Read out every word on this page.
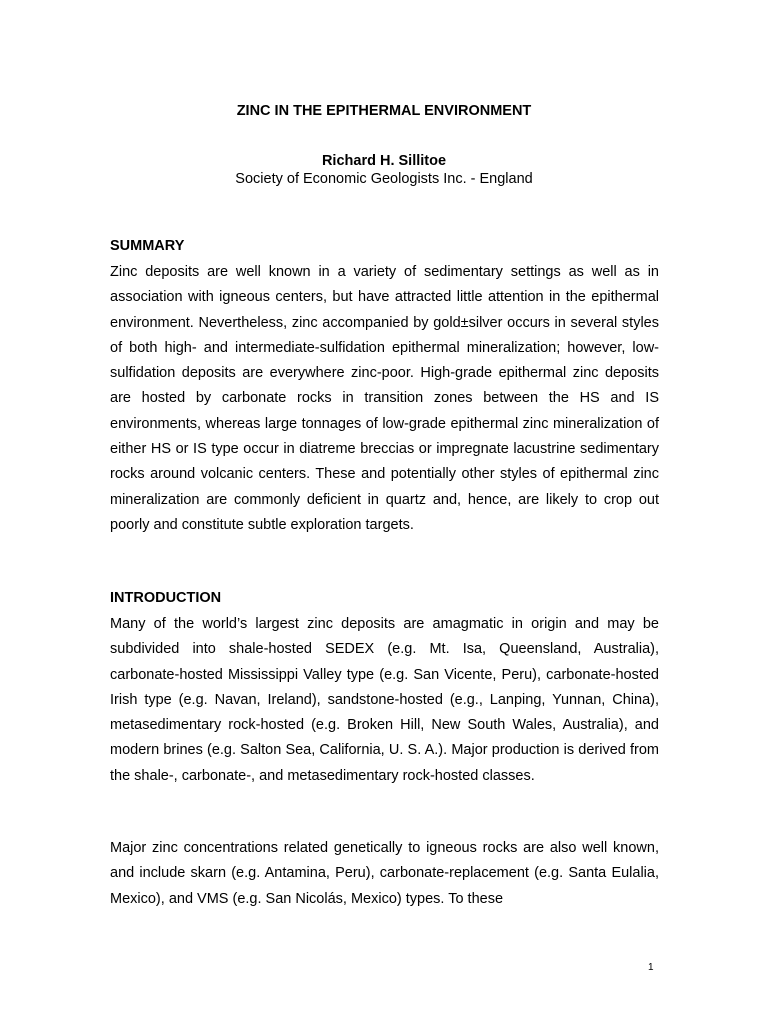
ZINC IN THE EPITHERMAL ENVIRONMENT
Richard H. Sillitoe
Society of Economic Geologists Inc. - England
SUMMARY

Zinc deposits are well known in a variety of sedimentary settings as well as in association with igneous centers, but have attracted little attention in the epithermal environment. Nevertheless, zinc accompanied by gold±silver occurs in several styles of both high- and intermediate-sulfidation epithermal mineralization; however, low-sulfidation deposits are everywhere zinc-poor. High-grade epithermal zinc deposits are hosted by carbonate rocks in transition zones between the HS and IS environments, whereas large tonnages of low-grade epithermal zinc mineralization of either HS or IS type occur in diatreme breccias or impregnate lacustrine sedimentary rocks around volcanic centers. These and potentially other styles of epithermal zinc mineralization are commonly deficient in quartz and, hence, are likely to crop out poorly and constitute subtle exploration targets.

INTRODUCTION

Many of the world’s largest zinc deposits are amagmatic in origin and may be subdivided into shale-hosted SEDEX (e.g. Mt. Isa, Queensland, Australia), carbonate-hosted Mississippi Valley type (e.g. San Vicente, Peru), carbonate-hosted Irish type (e.g. Navan, Ireland), sandstone-hosted (e.g., Lanping, Yunnan, China), metasedimentary rock-hosted (e.g. Broken Hill, New South Wales, Australia), and modern brines (e.g. Salton Sea, California, U. S. A.). Major production is derived from the shale-, carbonate-, and metasedimentary rock-hosted classes.

Major zinc concentrations related genetically to igneous rocks are also well known, and include skarn (e.g. Antamina, Peru), carbonate-replacement (e.g. Santa Eulalia, Mexico), and VMS (e.g. San Nicolás, Mexico) types. To these

1
